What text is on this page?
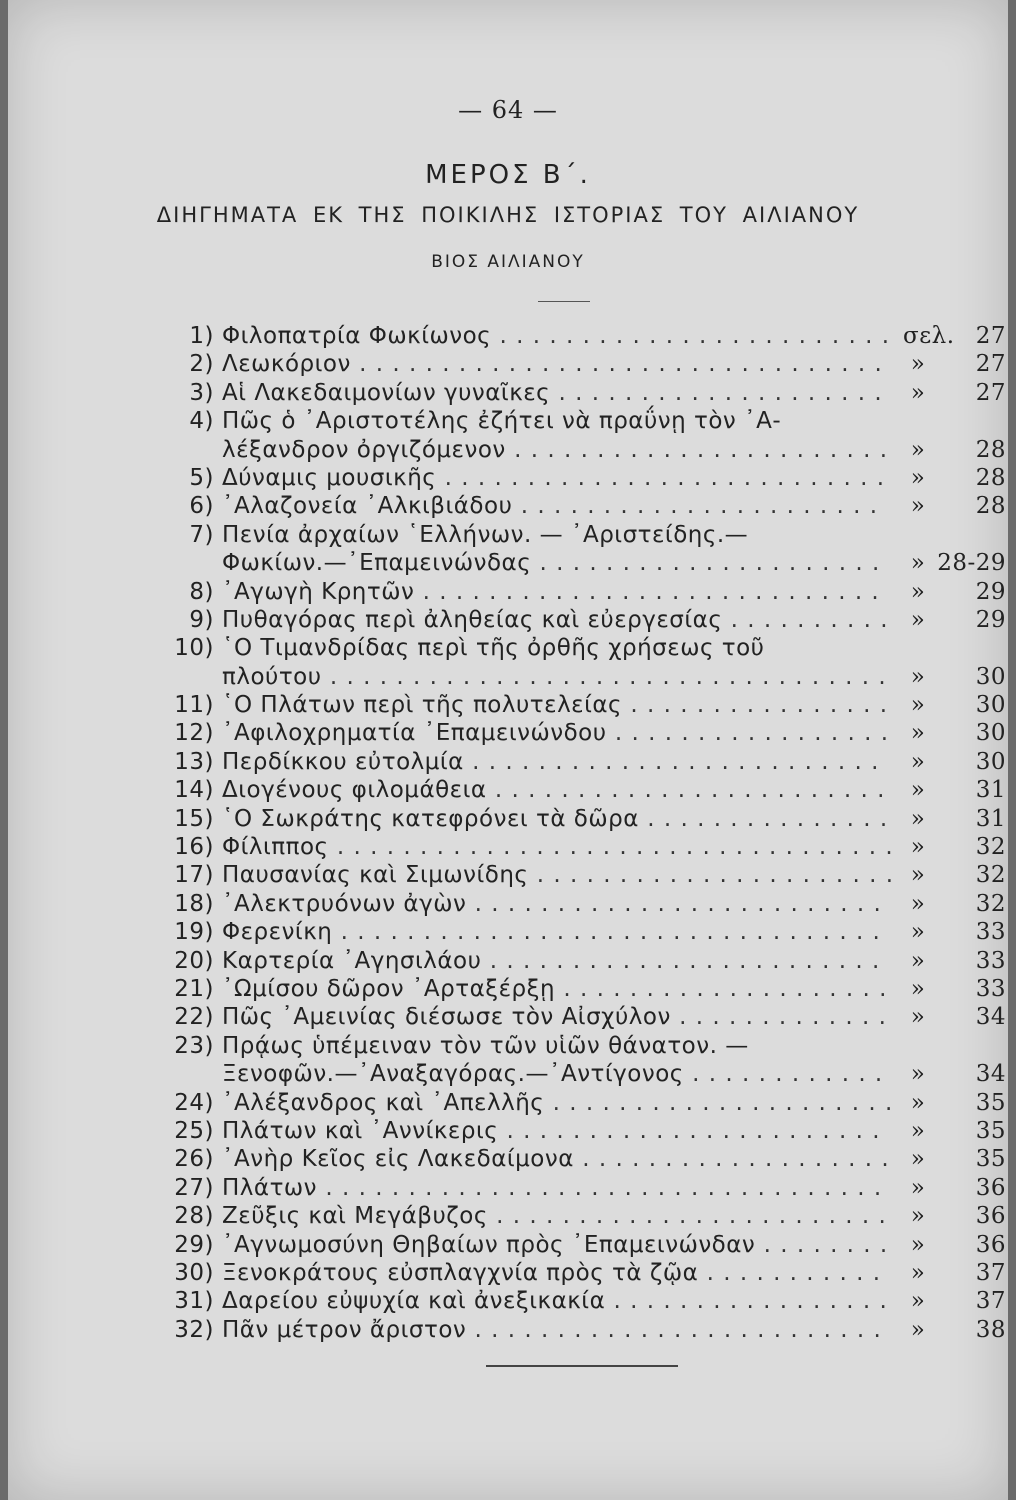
— 64 —
ΜΕΡΟΣ Β΄.
ΔΙΗΓΗΜΑΤΑ ΕΚ ΤΗΣ ΠΟΙΚΙΛΗΣ ΙΣΤΟΡΙΑΣ ΤΟΥ ΑΙΛΙΑΝΟΥ
ΒΙΟΣ ΑΙΛΙΑΝΟΥ
1) Φιλοπατρία Φωκίωνος . . . . . . . . . . . . . . . . . . . . . . . . σελ. 27
2) Λεωκόριον . . . . . . . . . . . . . . . . . . . . . . . . . . . . . . . .	»	27
3) Αἱ Λακεδαιμονίων γυναῖκες . . . . . . . . . . . . . . . . . . . .	»	27
4) Πῶς ὁ ᾿Αριστοτέλης ἐζήτει νὰ πραΰνῃ τὸν ᾿Α-
λέξανδρον ὀργιζόμενον . . . . . . . . . . . . . . . . . . . . . . . »	28
5) Δύναμις μουσικῆς . . . . . . . . . . . . . . . . . . . . . . . . . . .	»	28
6) ᾿Αλαζονεία ᾿Αλκιβιάδου . . . . . . . . . . . . . . . . . . . . . .	»	28
7) Πενία ἀρχαίων ῾Ελλήνων. — ᾿Αριστείδης.—
Φωκίων.—᾿Επαμεινώνδας . . . . . . . . . . . . . . . . . . . . .	» 28-29
8) ᾿Αγωγὴ Κρητῶν . . . . . . . . . . . . . . . . . . . . . . . . . . . .	»	29
9) Πυθαγόρας περὶ ἀληθείας καὶ εὐεργεσίας . . . . . . . . . . »	29
10) ῾Ο Τιμανδρίδας περὶ τῆς ὀρθῆς χρήσεως τοῦ
πλούτου . . . . . . . . . . . . . . . . . . . . . . . . . . . . . . . . . .	»	30
11) ῾Ο Πλάτων περὶ τῆς πολυτελείας . . . . . . . . . . . . . . . . »	30
12) ᾿Αφιλοχρηματία ᾿Επαμεινώνδου . . . . . . . . . . . . . . . . . »	30
13) Περδίκκου εὐτολμία . . . . . . . . . . . . . . . . . . . . . . . . .	»	30
14) Διογένους φιλομάθεια . . . . . . . . . . . . . . . . . . . . . . . .	»	31
15) ῾Ο Σωκράτης κατεφρόνει τὰ δῶρα . . . . . . . . . . . . . . . »	31
16) Φίλιππος . . . . . . . . . . . . . . . . . . . . . . . . . . . . . . . . . . »	32
17) Παυσανίας καὶ Σιμωνίδης . . . . . . . . . . . . . . . . . . . . . . »	32
18) ᾿Αλεκτρυόνων ἀγὼν . . . . . . . . . . . . . . . . . . . . . . . . .	»	32
19) Φερενίκη . . . . . . . . . . . . . . . . . . . . . . . . . . . . . . . . .	»	33
20) Καρτερία ᾿Αγησιλάου . . . . . . . . . . . . . . . . . . . . . . . .	»	33
21) ᾿Ωμίσου δῶρον ᾿Αρταξέρξῃ . . . . . . . . . . . . . . . . . . . .	»	33
22) Πῶς ᾿Αμεινίας διέσωσε τὸν Αἰσχύλον . . . . . . . . . . . . .	»	34
23) Πρᾴως ὑπέμειναν τὸν τῶν υἱῶν θάνατον. —
Ξενοφῶν.—᾿Αναξαγόρας.—᾿Αντίγονος . . . . . . . . . . . .	»	34
24) ᾿Αλέξανδρος καὶ ᾿Απελλῆς . . . . . . . . . . . . . . . . . . . . . »	35
25) Πλάτων καὶ ᾿Αννίκερις . . . . . . . . . . . . . . . . . . . . . . .	»	35
26) ᾿Ανὴρ Κεῖος εἰς Λακεδαίμονα . . . . . . . . . . . . . . . . . . . »	35
27) Πλάτων . . . . . . . . . . . . . . . . . . . . . . . . . . . . . . . . . .	»	36
28) Ζεῦξις καὶ Μεγάβυζος . . . . . . . . . . . . . . . . . . . . . . . .	»	36
29) ᾿Αγνωμοσύνη Θηβαίων πρὸς ᾿Επαμεινώνδαν . . . . . . . . »	36
30) Ξενοκράτους εὐσπλαγχνία πρὸς τὰ ζῷα . . . . . . . . . . .	»	37
31) Δαρείου εὐψυχία καὶ ἀνεξικακία . . . . . . . . . . . . . . . . . »	37
32) Πᾶν μέτρον ἄριστον . . . . . . . . . . . . . . . . . . . . . . . . .	»	38
